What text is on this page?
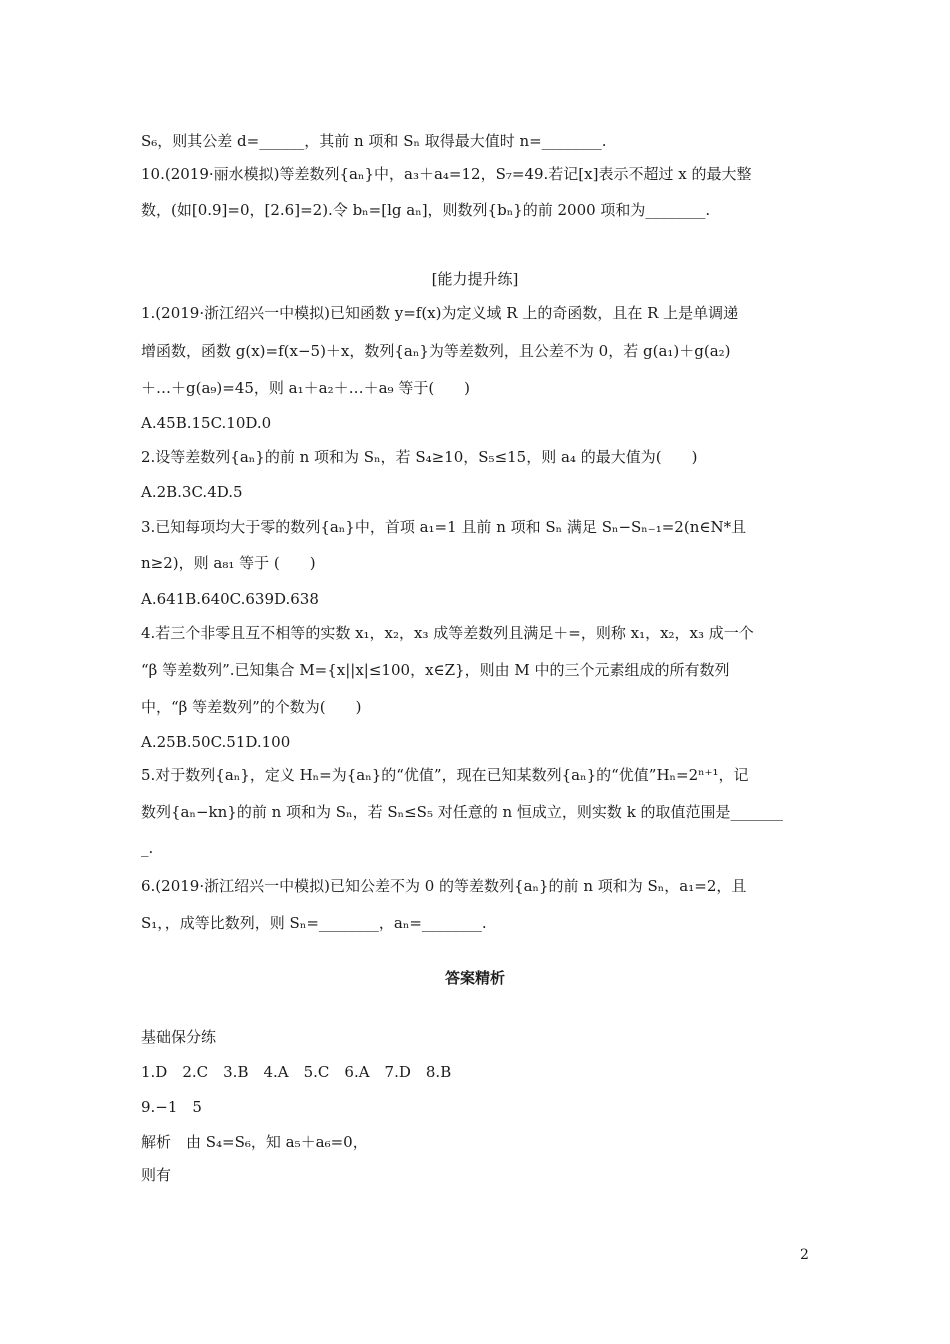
S₆，则其公差 d=______，其前 n 项和 Sₙ 取得最大值时 n=________.
10.(2019·丽水模拟)等差数列{aₙ}中，a₃＋a₄=12，S₇=49.若记[x]表示不超过 x 的最大整
数，(如[0.9]=0，[2.6]=2).令 bₙ=[lg aₙ]，则数列{bₙ}的前 2000 项和为________.
[能力提升练]
1.(2019·浙江绍兴一中模拟)已知函数 y=f(x)为定义域 R 上的奇函数，且在 R 上是单调递
增函数，函数 g(x)=f(x−5)＋x，数列{aₙ}为等差数列，且公差不为 0，若 g(a₁)＋g(a₂)
＋…＋g(a₉)=45，则 a₁＋a₂＋…＋a₉ 等于(　　)
A.45B.15C.10D.0
2.设等差数列{aₙ}的前 n 项和为 Sₙ，若 S₄≥10，S₅≤15，则 a₄ 的最大值为(　　)
A.2B.3C.4D.5
3.已知每项均大于零的数列{aₙ}中，首项 a₁=1 且前 n 项和 Sₙ 满足 Sₙ−Sₙ₋₁=2(n∈N*且
n≥2)，则 a₈₁ 等于 (　　)
A.641B.640C.639D.638
4.若三个非零且互不相等的实数 x₁，x₂，x₃ 成等差数列且满足＋=，则称 x₁，x₂，x₃ 成一个
“β 等差数列”.已知集合 M={x||x|≤100，x∈Z}，则由 M 中的三个元素组成的所有数列
中，“β 等差数列”的个数为(　　)
A.25B.50C.51D.100
5.对于数列{aₙ}，定义 Hₙ=为{aₙ}的“优值”，现在已知某数列{aₙ}的“优值”Hₙ=2ⁿ⁺¹，记
数列{aₙ−kn}的前 n 项和为 Sₙ，若 Sₙ≤S₅ 对任意的 n 恒成立，则实数 k 的取值范围是_______
_.
6.(2019·浙江绍兴一中模拟)已知公差不为 0 的等差数列{aₙ}的前 n 项和为 Sₙ，a₁=2，且
S₁，，成等比数列，则 Sₙ=________，aₙ=________.
答案精析
基础保分练
1.D　2.C　3.B　4.A　5.C　6.A　7.D　8.B
9.−1　5
解析　由 S₄=S₆，知 a₅＋a₆=0，
则有
2
